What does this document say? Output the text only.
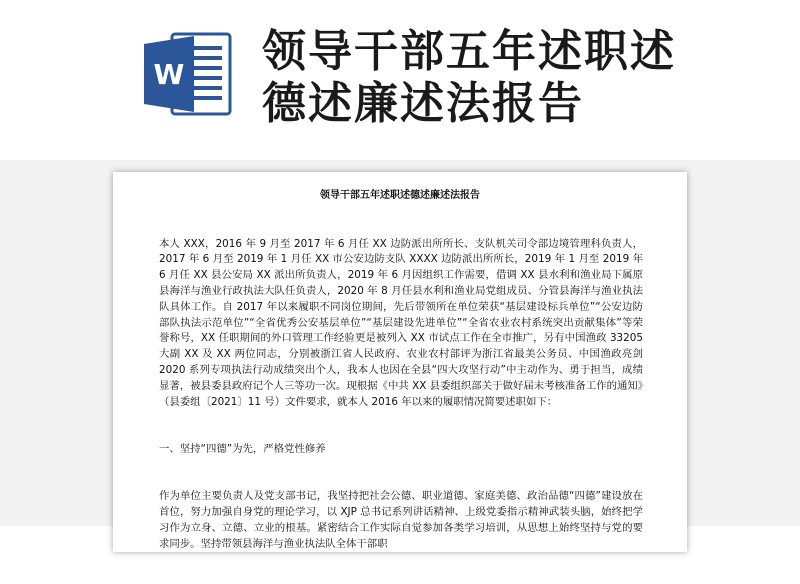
W 领导干部五年述职述
德述廉述法报告
领导干部五年述职述德述廉述法报告

本人 XXX，2016 年 9 月至 2017 年 6 月任 XX 边防派出所所长、支队机关司令部边境管理科负责人，2017 年 6 月至 2019 年 1 月任 XX 市公安边防支队 XXXX 边防派出所所长，2019 年 1 月至 2019 年 6 月任 XX 县公安局 XX 派出所负责人，2019 年 6 月因组织工作需要，借调 XX 县水利和渔业局下属原县海洋与渔业行政执法大队任负责人，2020 年 8 月任县水利和渔业局党组成员、分管县海洋与渔业执法队具体工作。自 2017 年以来履职不同岗位期间，先后带领所在单位荣获“基层建设标兵单位”“公安边防部队执法示范单位”“全省优秀公安基层单位”“基层建设先进单位”“全省农业农村系统突出贡献集体”等荣誉称号，XX 任职期间的外口管理工作经验更是被列入 XX 市试点工作在全市推广，另有中国渔政 33205 大副 XX 及 XX 两位同志，分别被浙江省人民政府、农业农村部评为浙江省最美公务员、中国渔政亮剑 2020 系列专项执法行动成绩突出个人，我本人也因在全县“四大攻坚行动”中主动作为、勇于担当，成绩显著，被县委县政府记个人三等功一次。现根据《中共 XX 县委组织部关于做好届末考核准备工作的通知》（县委组〔2021〕11 号）文件要求，就本人 2016 年以来的履职情况简要述职如下：

一、坚持“四德”为先，严格党性修养

作为单位主要负责人及党支部书记，我坚持把社会公德、职业道德、家庭美德、政治品德“四德”建设放在首位，努力加强自身党的理论学习，以 XJP 总书记系列讲话精神、上级党委指示精神武装头脑，始终把学习作为立身、立德、立业的根基。紧密结合工作实际自觉参加各类学习培训，从思想上始终坚持与党的要求同步。坚持带领县海洋与渔业执法队全体干部职
